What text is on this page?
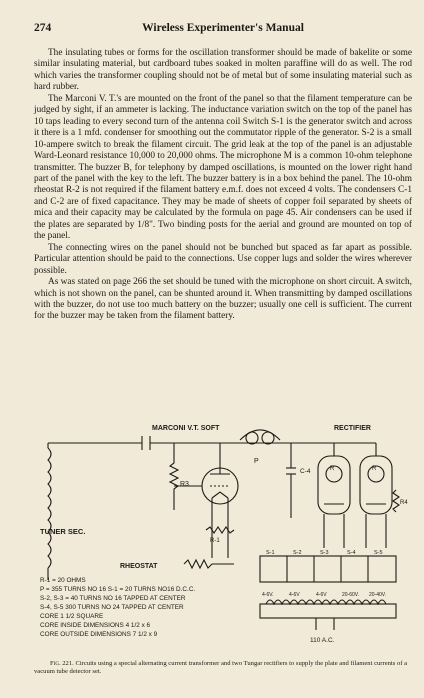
274	Wireless Experimenter's Manual

The insulating tubes or forms for the oscillation transformer should be made of bakelite or some similar insulating material, but cardboard tubes soaked in molten paraffine will do as well. The rod which varies the transformer coupling should not be of metal but of some insulating material such as hard rubber.

The Marconi V. T.'s are mounted on the front of the panel so that the filament temperature can be judged by sight, if an ammeter is lacking. The inductance variation switch on the top of the panel has 10 taps leading to every second turn of the antenna coil Switch S-1 is the generator switch and across it there is a 1 mfd. condenser for smoothing out the commutator ripple of the generator. S-2 is a small 10-ampere switch to break the filament circuit. The grid leak at the top of the panel is an adjustable Ward-Leonard resistance 10,000 to 20,000 ohms. The microphone M is a common 10-ohm telephone transmitter. The buzzer B, for telephony by damped oscillations, is mounted on the lower right hand part of the panel with the key to the left. The buzzer battery is in a box behind the panel. The 10-ohm rheostat R-2 is not required if the filament battery e.m.f. does not exceed 4 volts. The condensers C-1 and C-2 are of fixed capacitance. They may be made of sheets of copper foil separated by sheets of mica and their capacity may be calculated by the formula on page 45. Air condensers can be used if the plates are separated by 1/8". Two binding posts for the aerial and ground are mounted on top of the panel.

The connecting wires on the panel should not be bunched but spaced as far apart as possible. Particular attention should be paid to the connections. Use copper lugs and solder the wires wherever possible.

As was stated on page 266 the set should be tuned with the microphone on short circuit. A switch, which is not shown on the panel, can be shunted around it. When transmitting by damped oscillations with the buzzer, do not use too much battery on the buzzer; usually one cell is sufficient. The current for the buzzer may be taken from the filament battery.

MARCONI V.T. SOFT	RECTIFIER
TUNER SEC.
R3
R-1
C-4	R	R
R4
P
RHEOSTAT
S-1	S-2	S-3	S-4	S-5
4-6V.	4-6V	4-6V	20-60V. 20-40V.
110 A.C.
R-1 = 20 OHMS
P = 355 TURNS NO 16 S-1 = 20 TURNS NO16 D.C.C.
S-2, S-3 = 40 TURNS NO 16 TAPPED AT CENTER
S-4, S-5 300 TURNS NO 24 TAPPED AT CENTER
CORE 1 1/2 SQUARE
CORE INSIDE DIMENSIONS 4 1/2 x 6
CORE OUTSIDE DIMENSIONS 7 1/2 x 9
Fig. 221. Circuits using a special alternating current transformer and two Tungar rectifiers to supply the plate and filament currents of a vacuum tube detector set.
